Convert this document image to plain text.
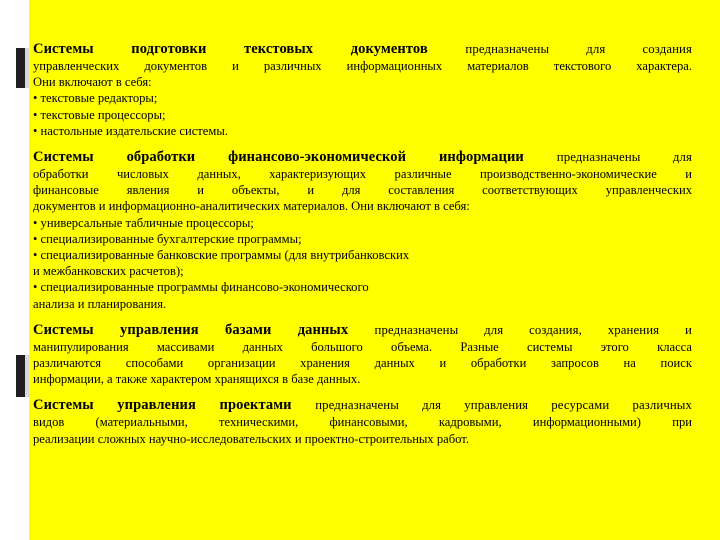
Системы подготовки текстовых документов	предназначены для создания
управленческих документов и различных информационных материалов текстового характера.
Они включают в себя:
• текстовые редакторы;
• текстовые процессоры;
• настольные издательские системы.
Системы обработки финансово-экономической информации	предназначены для
обработки числовых данных, характеризующих различные производственно-экономические и
финансовые явления и объекты, и для составления соответствующих управленческих
документов и информационно-аналитических материалов. Они включают в себя:
• универсальные табличные процессоры;
• специализированные бухгалтерские программы;
• специализированные банковские программы (для внутрибанковских
и межбанковских расчетов);
• специализированные программы финансово-экономического
анализа и планирования.
Системы управления базами данных предназначены для создания, хранения и
манипулирования массивами данных большого объема. Разные системы этого класса
различаются способами организации хранения данных и обработки запросов на поиск
информации, а также характером хранящихся в базе данных.
Системы управления проектами предназначены для управления ресурсами различных
видов (материальными, техническими, финансовыми, кадровыми, информационными) при
реализации сложных научно-исследовательских и проектно-строительных работ.
